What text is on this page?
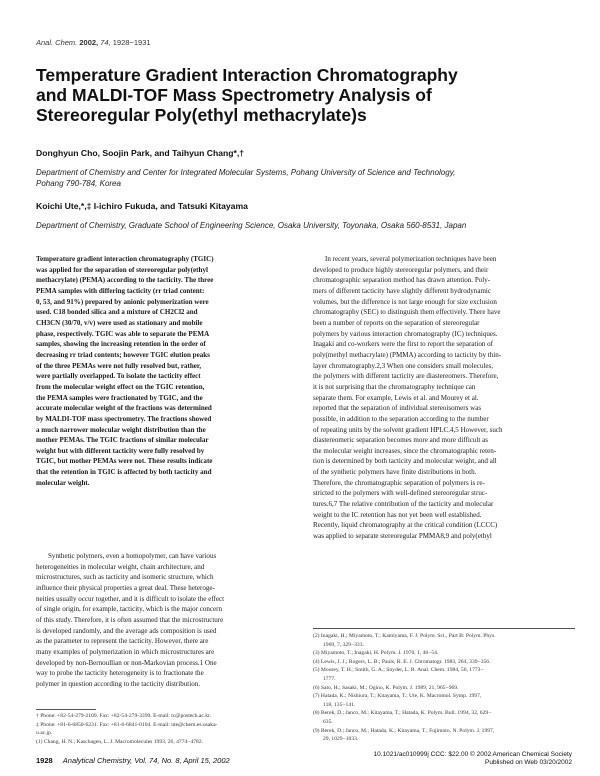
Anal. Chem. 2002, 74, 1928−1931
Temperature Gradient Interaction Chromatography
and MALDI-TOF Mass Spectrometry Analysis of
Stereoregular Poly(ethyl methacrylate)s
Donghyun Cho, Soojin Park, and Taihyun Chang*,†
Department of Chemistry and Center for Integrated Molecular Systems, Pohang University of Science and Technology,
Pohang 790-784, Korea
Koichi Ute,*,‡ I-ichiro Fukuda, and Tatsuki Kitayama
Department of Chemistry, Graduate School of Engineering Science, Osaka University, Toyonaka, Osaka 560-8531, Japan
Temperature gradient interaction chromatography (TGIC)
was applied for the separation of stereoregular poly(ethyl
methacrylate) (PEMA) according to the tacticity. The three
PEMA samples with differing tacticity (rr triad content:
0, 53, and 91%) prepared by anionic polymerization were
used. C18 bonded silica and a mixture of CH2Cl2 and
CH3CN (30/70, v/v) were used as stationary and mobile
phase, respectively. TGIC was able to separate the PEMA
samples, showing the increasing retention in the order of
decreasing rr triad contents; however TGIC elution peaks
of the three PEMAs were not fully resolved but, rather,
were partially overlapped. To isolate the tacticity effect
from the molecular weight effect on the TGIC retention,
the PEMA samples were fractionated by TGIC, and the
accurate molecular weight of the fractions was determined
by MALDI-TOF mass spectrometry. The fractions showed
a much narrower molecular weight distribution than the
mother PEMAs. The TGIC fractions of similar molecular
weight but with different tacticity were fully resolved by
TGIC, but mother PEMAs were not. These results indicate
that the retention in TGIC is affected by both tacticity and
molecular weight.
Synthetic polymers, even a homopolymer, can have various
heterogeneities in molecular weight, chain architecture, and
microstructures, such as tacticity and isomeric structure, which
influence their physical properties a great deal. These heteroge-
neities usually occur together, and it is difficult to isolate the effect
of single origin, for example, tacticity, which is the major concern
of this study. Therefore, it is often assumed that the microstructure
is developed randomly, and the average ads composition is used
as the parameter to represent the tacticity. However, there are
many examples of polymerization in which microstructures are
developed by non-Bernoullian or non-Markovian process.1 One
way to probe the tacticity heterogeneity is to fractionate the
polymer in question according to the tacticity distribution.
† Phone: +82-54-279-2109. Fax: +82-54-279-3399. E-mail: tc@postech.ac.kr.
‡ Phone: +81-6-6850-6231. Fax: +81-6-6841-0104. E-mail: ute@chem.es.osaka-
u.ac.jp.
(1) Chang, H. N.; Kaschagen, L. J. Macromolecules 1993, 26, 4774−4782.
In recent years, several polymerization techniques have been
developed to produce highly stereoregular polymers, and their
chromatographic separation method has drawn attention. Poly-
mers of different tacticity have slightly different hydrodynamic
volumes, but the difference is not large enough for size exclusion
chromatography (SEC) to distinguish them effectively. There have
been a number of reports on the separation of stereoregular
polymers by various interaction chromatography (IC) techniques.
Inagaki and co-workers were the first to report the separation of
poly(methyl methacrylate) (PMMA) according to tacticity by thin-
layer chromatography.2,3 When one considers small molecules,
the polymers with different tacticity are diastereomers. Therefore,
it is not surprising that the chromatography technique can
separate them. For example, Lewis et al. and Mourey et al.
reported that the separation of individual stereoisomers was
possible, in addition to the separation according to the number
of repeating units by the solvent gradient HPLC.4,5 However, such
diastereomeric separation becomes more and more difficult as
the molecular weight increases, since the chromatographic reten-
tion is determined by both tacticity and molecular weight, and all
of the synthetic polymers have finite distributions in both.
Therefore, the chromatographic separation of polymers is re-
stricted to the polymers with well-defined stereoregular struc-
tures.6,7 The relative contribution of the tacticity and molecular
weight to the IC retention has not yet been well established.
Recently, liquid chromatography at the critical condition (LCCC)
was applied to separate stereoregular PMMA8,9 and poly(ethyl
(2) Inagaki, H.; Miyamoto, T.; Kamiyama, F. J. Polym. Sci., Part B: Polym. Phys.
1969, 7, 329−333.
(3) Miyamoto, T.; Inagaki, H. Polym. J. 1970, 1, 46−54.
(4) Lewis, J. J.; Rogers, L. B.; Pauls, R. E. J. Chromatogr. 1983, 264, 339−356.
(5) Mourey, T. H.; Smith, G. A.; Snyder, L. R. Anal. Chem. 1984, 56, 1773−
1777.
(6) Sato, H.; Sasaki, M.; Ogino, K. Polym. J. 1989, 21, 965−969.
(7) Hatada, K.; Nishiura, T.; Kitayama, T.; Ute, K. Macromol. Symp. 1997,
118, 135−141.
(8) Berek, D.; Janco, M.; Kitayama, T.; Hatada, K. Polym. Bull. 1994, 32, 629−
635.
(9) Berek, D.; Janco, M.; Hatada, K.; Kitayama, T.; Fujimoto, N. Polym. J. 1997,
29, 1029−1033.
1928 Analytical Chemistry, Vol. 74, No. 8, April 15, 2002
10.1021/ac010999j CCC: $22.00 © 2002 American Chemical Society
Published on Web 03/20/2002
